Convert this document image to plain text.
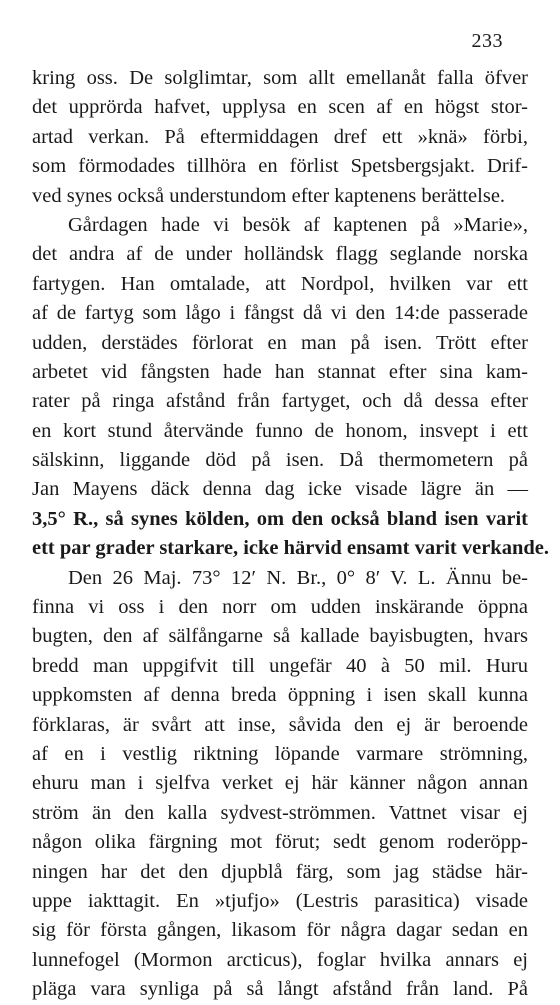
233
kring oss. De solglimtar, som allt emellanåt falla öfver
det upprörda hafvet, upplysa en scen af en högst stor-
artad verkan. På eftermiddagen dref ett »knä» förbi,
som förmodades tillhöra en förlist Spetsbergsjakt. Drif-
ved synes också understundom efter kaptenens berättelse.
Gårdagen hade vi besök af kaptenen på »Marie»,
det andra af de under holländsk flagg seglande norska
fartygen. Han omtalade, att Nordpol, hvilken var ett
af de fartyg som lågo i fångst då vi den 14:de passerade
udden, derstädes förlorat en man på isen. Trött efter
arbetet vid fångsten hade han stannat efter sina kam-
rater på ringa afstånd från fartyget, och då dessa efter
en kort stund återvände funno de honom, insvept i ett
sälskinn, liggande död på isen. Då thermometern på
Jan Mayens däck denna dag icke visade lägre än —
3,5° R., så synes kölden, om den också bland isen varit
ett par grader starkare, icke härvid ensamt varit verkande.
Den 26 Maj. 73° 12′ N. Br., 0° 8′ V. L. Ännu be-
finna vi oss i den norr om udden inskärande öppna
bugten, den af sälfångarne så kallade bayisbugten, hvars
bredd man uppgifvit till ungefär 40 à 50 mil. Huru
uppkomsten af denna breda öppning i isen skall kunna
förklaras, är svårt att inse, såvida den ej är beroende
af en i vestlig riktning löpande varmare strömning,
ehuru man i sjelfva verket ej här känner någon annan
ström än den kalla sydvest-strömmen. Vattnet visar ej
någon olika färgning mot förut; sedt genom roderöpp-
ningen har det den djupblå färg, som jag städse här-
uppe iakttagit. En »tjufjo» (Lestris parasitica) visade
sig för första gången, likasom för några dagar sedan en
lunnefogel (Mormon arcticus), foglar hvilka annars ej
pläga vara synliga på så långt afstånd från land. På
